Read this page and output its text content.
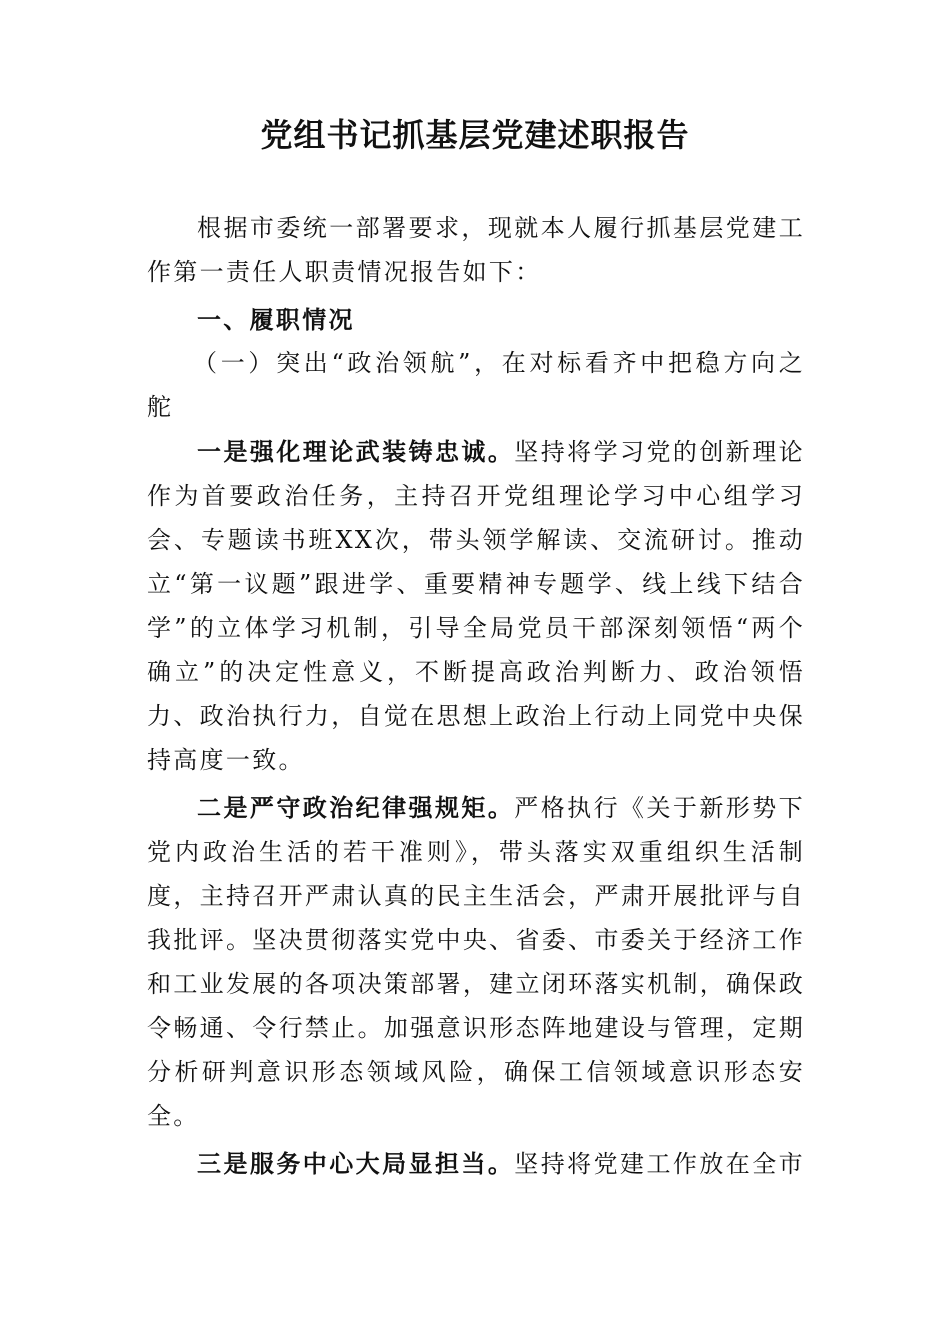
党组书记抓基层党建述职报告
根据市委统一部署要求，现就本人履行抓基层党建工
作第一责任人职责情况报告如下：
一、履职情况
（一）突出“政治领航”，在对标看齐中把稳方向之
舵
一是强化理论武装铸忠诚。坚持将学习党的创新理论
作为首要政治任务，主持召开党组理论学习中心组学习
会、专题读书班XX次，带头领学解读、交流研讨。推动
立“第一议题”跟进学、重要精神专题学、线上线下结合
学”的立体学习机制，引导全局党员干部深刻领悟“两个
确立”的决定性意义，不断提高政治判断力、政治领悟
力、政治执行力，自觉在思想上政治上行动上同党中央保
持高度一致。
二是严守政治纪律强规矩。严格执行《关于新形势下
党内政治生活的若干准则》，带头落实双重组织生活制
度，主持召开严肃认真的民主生活会，严肃开展批评与自
我批评。坚决贯彻落实党中央、省委、市委关于经济工作
和工业发展的各项决策部署，建立闭环落实机制，确保政
令畅通、令行禁止。加强意识形态阵地建设与管理，定期
分析研判意识形态领域风险，确保工信领域意识形态安
全。
三是服务中心大局显担当。坚持将党建工作放在全市
